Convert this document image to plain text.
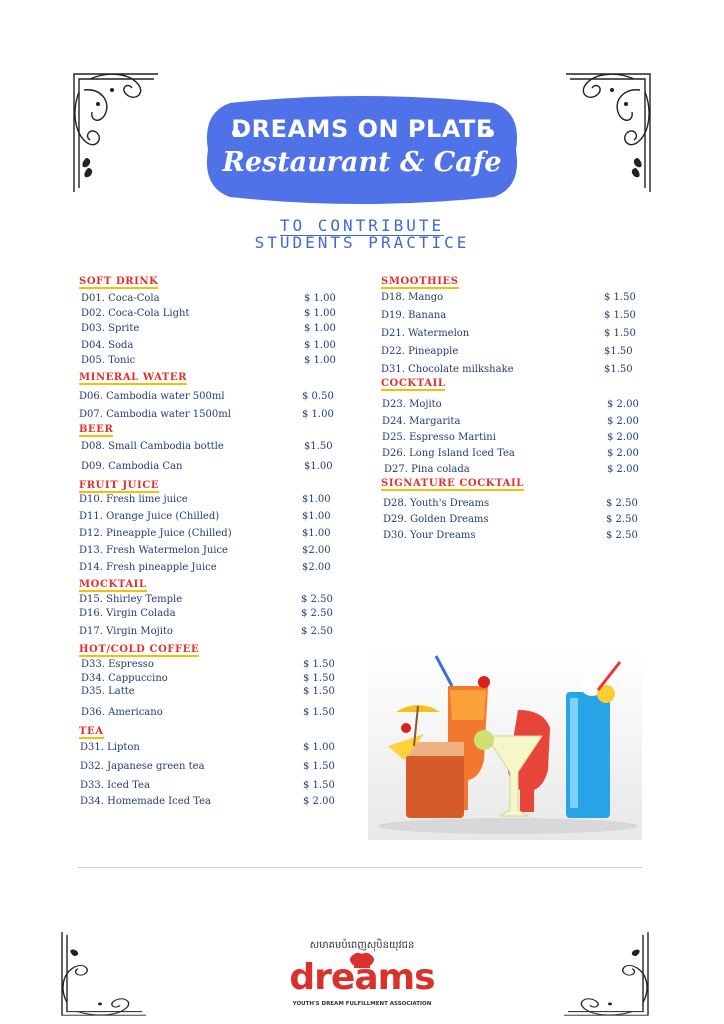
DREAMS ON PLATE
Restaurant & Cafe
TO CONTRIBUTE
STUDENTS PRACTICE
SOFT DRINK
D01. Coca-Cola	$ 1.00
D02. Coca-Cola Light	$ 1.00
D03. Sprite	$ 1.00
D04. Soda	$ 1.00
D05. Tonic	$ 1.00
MINERAL WATER
D06. Cambodia water 500ml	$ 0.50
D07. Cambodia water 1500ml	$ 1.00
BEER
D08. Small Cambodia bottle	$1.50
D09. Cambodia Can	$1.00
FRUIT JUICE
D10. Fresh lime juice	$1.00
D11. Orange Juice (Chilled)	$1.00
D12. Pineapple Juice (Chilled)	$1.00
D13. Fresh Watermelon Juice	$2.00
D14. Fresh pineapple Juice	$2.00
MOCKTAIL
D15. Shirley Temple	$ 2.50
D16. Virgin Colada	$ 2.50
D17. Virgin Mojito	$ 2.50
HOT/COLD COFFEE
D33. Espresso	$ 1.50
D34. Cappuccino	$ 1.50
D35. Latte	$ 1.50
D36. Americano	$ 1.50
TEA
D31. Lipton	$ 1.00
D32. Japanese green tea	$ 1.50
D33. Iced Tea	$ 1.50
D34. Homemade Iced Tea	$ 2.00
SMOOTHIES
D18. Mango	$ 1.50
D19. Banana	$ 1.50
D21. Watermelon	$ 1.50
D22. Pineapple	$1.50
D31. Chocolate milkshake	$1.50
COCKTAIL
D23. Mojito	$ 2.00
D24. Margarita	$ 2.00
D25. Espresso Martini	$ 2.00
D26. Long Island Iced Tea	$ 2.00
D27. Pina colada	$ 2.00
SIGNATURE COCKTAIL
D28. Youth's Dreams	$ 2.50
D29. Golden Dreams	$ 2.50
D30. Your Dreams	$ 2.50
សមាគមបំពេញសុបិនយុវជន
dreams
YOUTH'S DREAM FULFILLMENT ASSOCIATION
